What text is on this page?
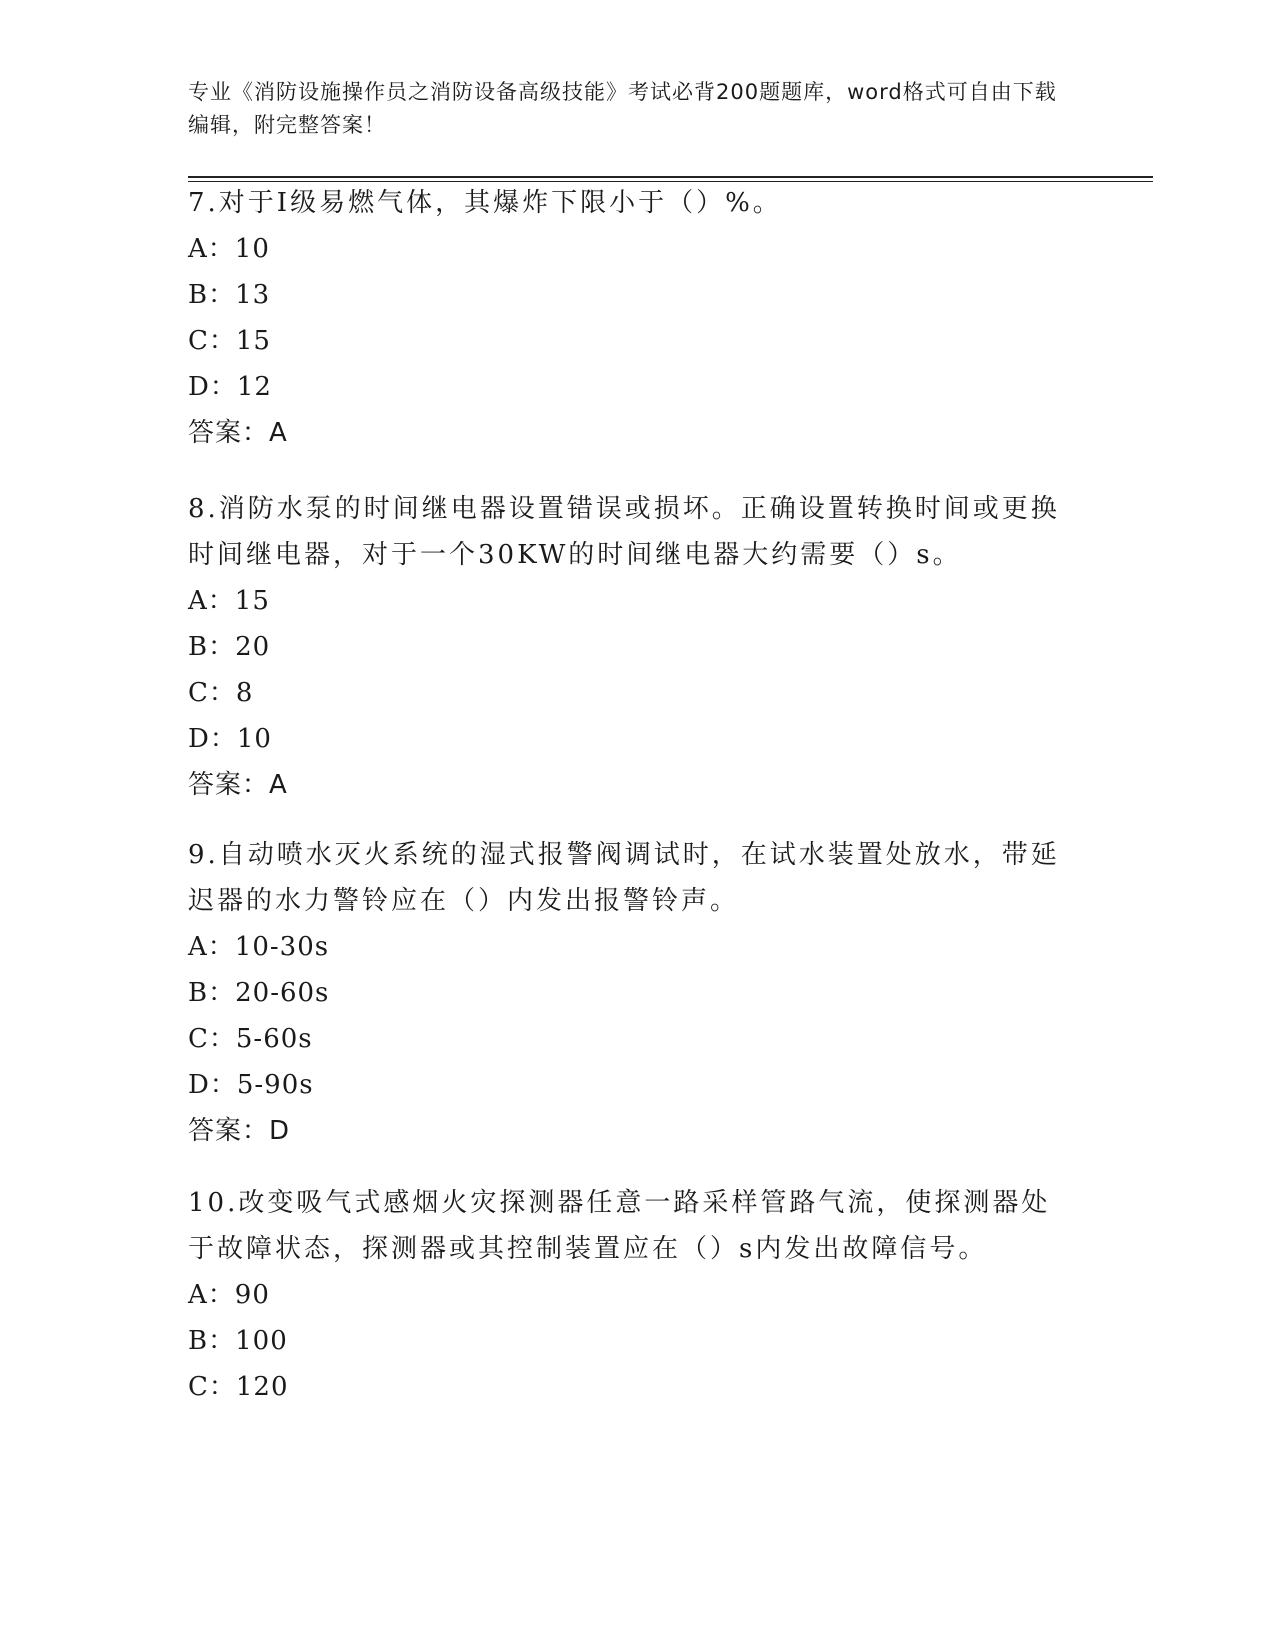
专业《消防设施操作员之消防设备高级技能》考试必背200题题库，word格式可自由下载编辑，附完整答案！

7.对于Ⅰ级易燃气体，其爆炸下限小于（）%。

A：10

B：13

C：15

D：12

答案：A

8.消防水泵的时间继电器设置错误或损坏。正确设置转换时间或更换时间继电器，对于一个30KW的时间继电器大约需要（）s。

A：15

B：20

C：8

D：10

答案：A

9.自动喷水灭火系统的湿式报警阀调试时，在试水装置处放水，带延迟器的水力警铃应在（）内发出报警铃声。

A：10-30s

B：20-60s

C：5-60s

D：5-90s

答案：D

10.改变吸气式感烟火灾探测器任意一路采样管路气流，使探测器处于故障状态，探测器或其控制装置应在（）s内发出故障信号。

A：90

B：100

C：120
